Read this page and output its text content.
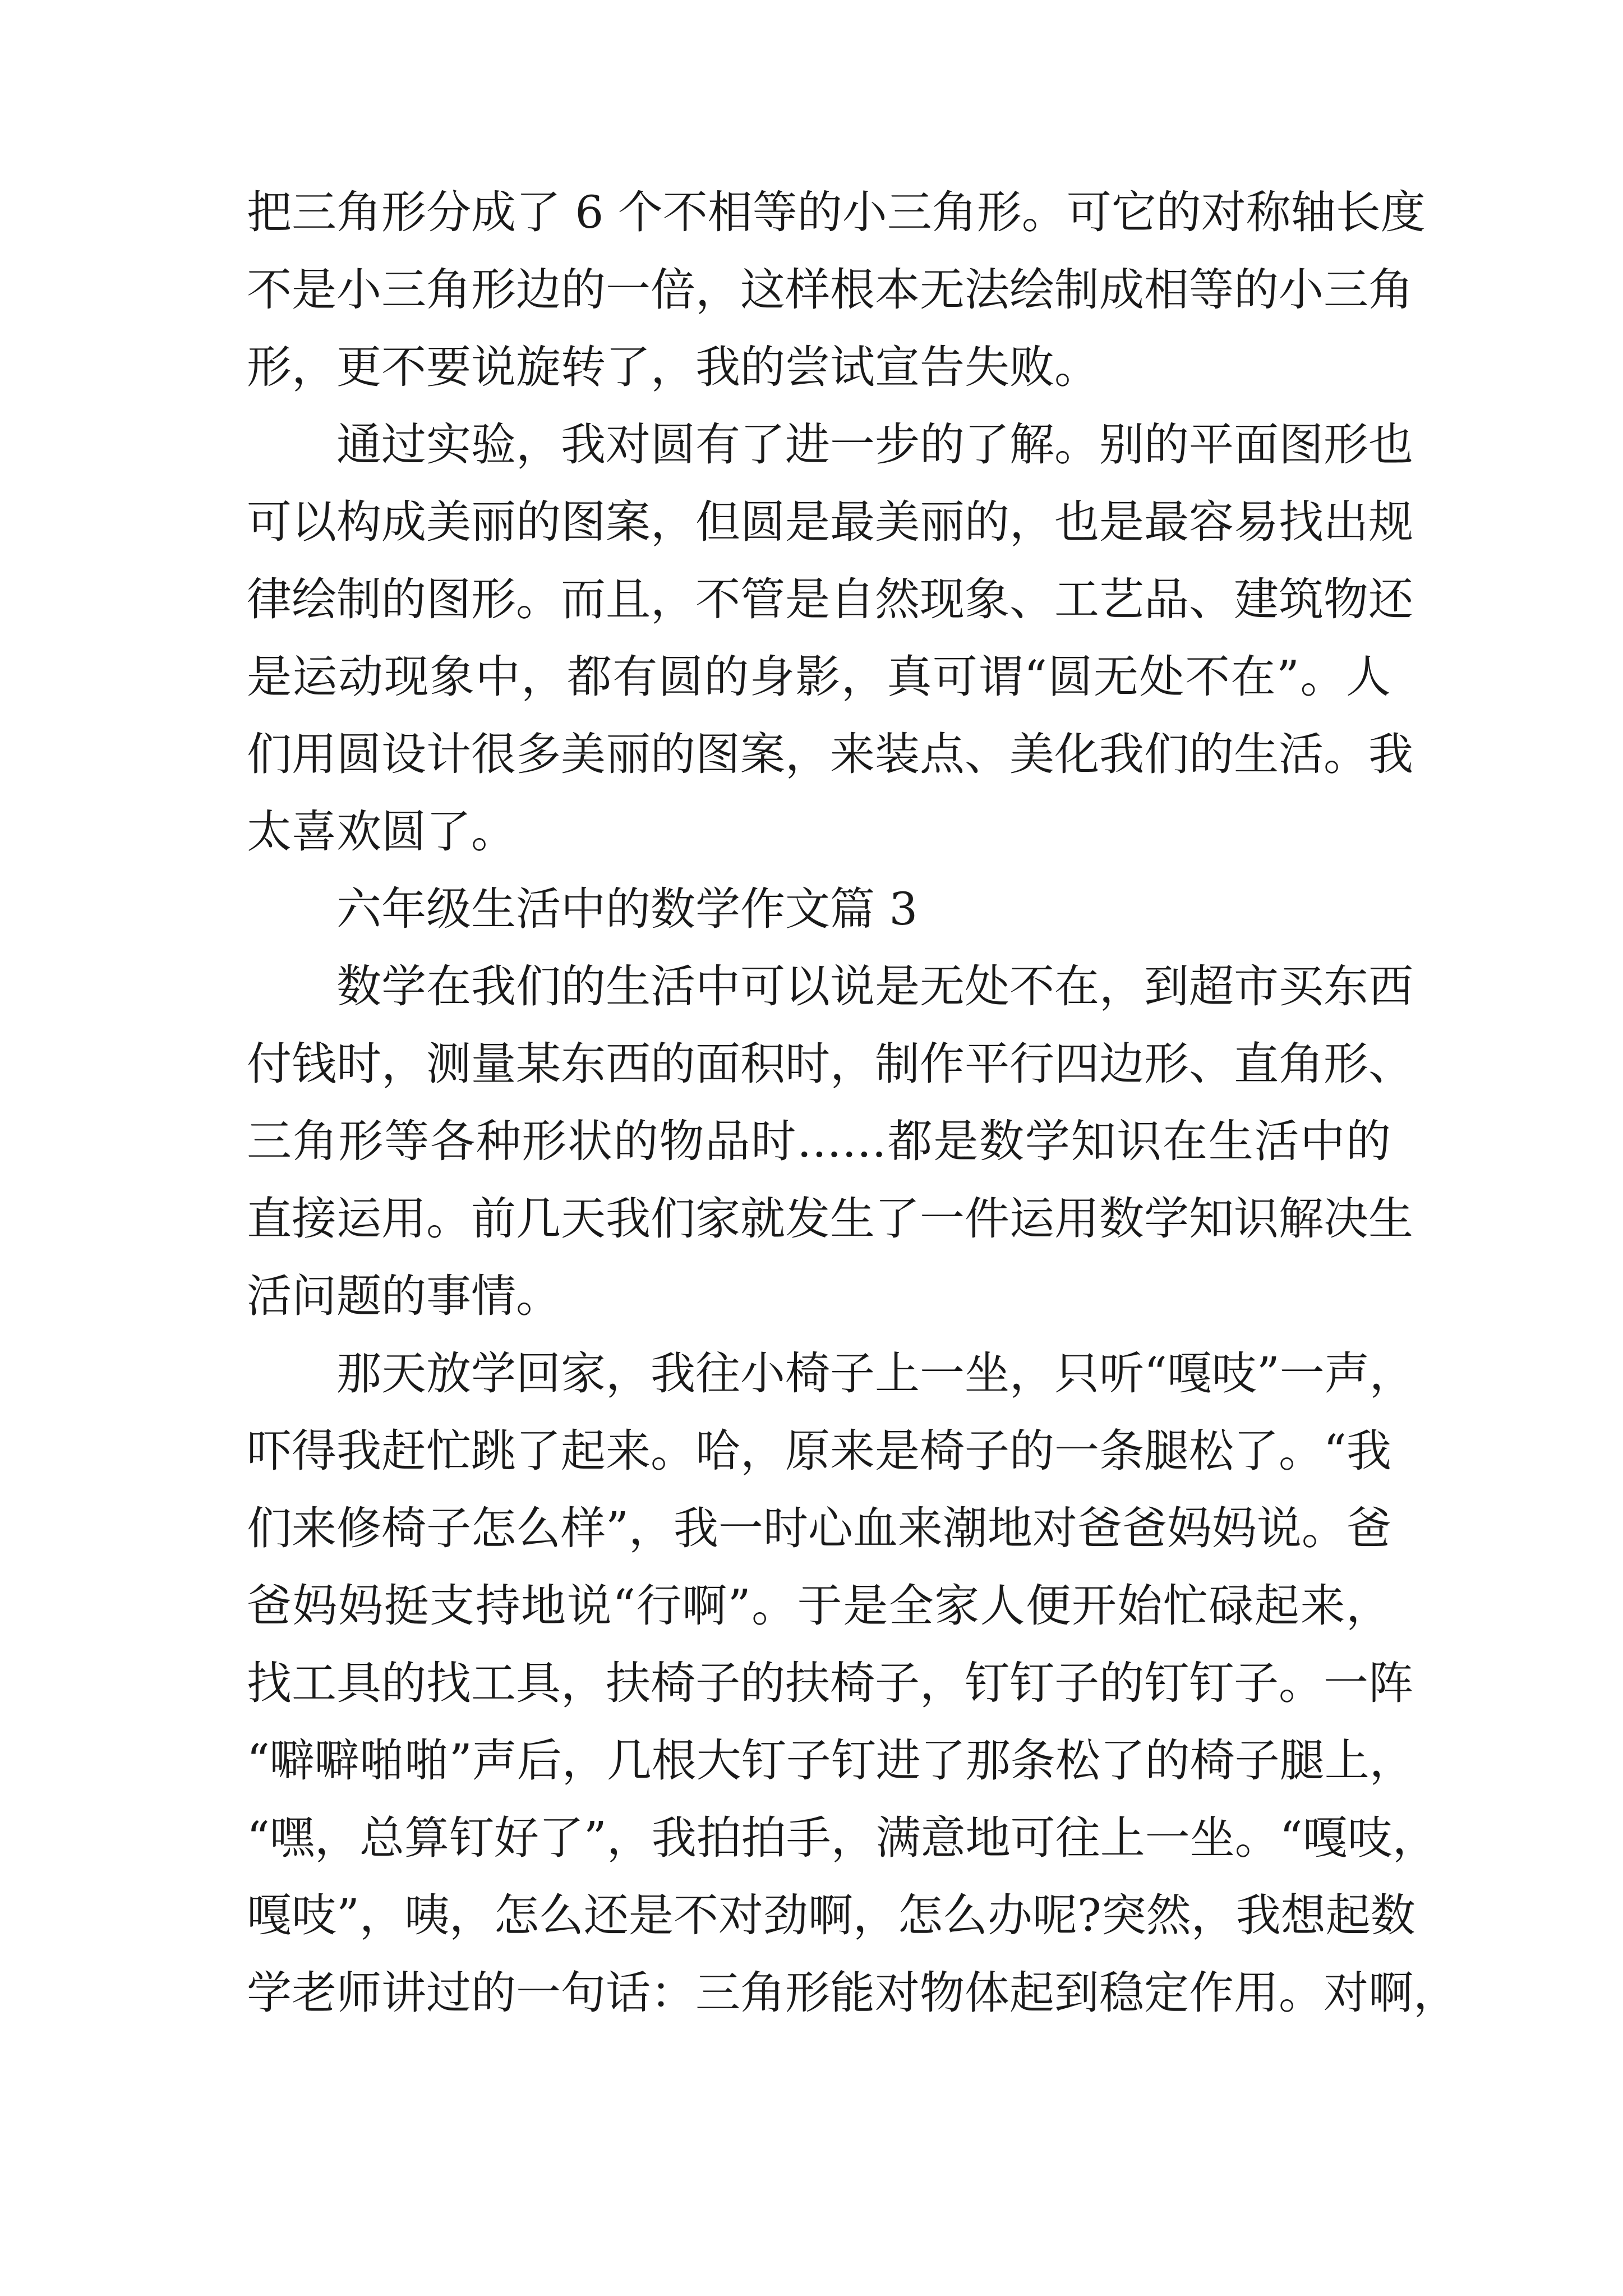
把三角形分成了 6 个不相等的小三角形。可它的对称轴长度
不是小三角形边的一倍，这样根本无法绘制成相等的小三角
形，更不要说旋转了，我的尝试宣告失败。
通过实验，我对圆有了进一步的了解。别的平面图形也
可以构成美丽的图案，但圆是最美丽的，也是最容易找出规
律绘制的图形。而且，不管是自然现象、工艺品、建筑物还
是运动现象中，都有圆的身影，真可谓“圆无处不在”。人
们用圆设计很多美丽的图案，来装点、美化我们的生活。我
太喜欢圆了。
六年级生活中的数学作文篇 3
数学在我们的生活中可以说是无处不在，到超市买东西
付钱时，测量某东西的面积时，制作平行四边形、直角形、
三角形等各种形状的物品时……都是数学知识在生活中的
直接运用。前几天我们家就发生了一件运用数学知识解决生
活问题的事情。
那天放学回家，我往小椅子上一坐，只听“嘎吱”一声，
吓得我赶忙跳了起来。哈，原来是椅子的一条腿松了。“我
们来修椅子怎么样”，我一时心血来潮地对爸爸妈妈说。爸
爸妈妈挺支持地说“行啊”。于是全家人便开始忙碌起来，
找工具的找工具，扶椅子的扶椅子，钉钉子的钉钉子。一阵
“噼噼啪啪”声后，几根大钉子钉进了那条松了的椅子腿上，
“嘿，总算钉好了”，我拍拍手，满意地可往上一坐。“嘎吱，
嘎吱”，咦，怎么还是不对劲啊，怎么办呢?突然，我想起数
学老师讲过的一句话：三角形能对物体起到稳定作用。对啊，
